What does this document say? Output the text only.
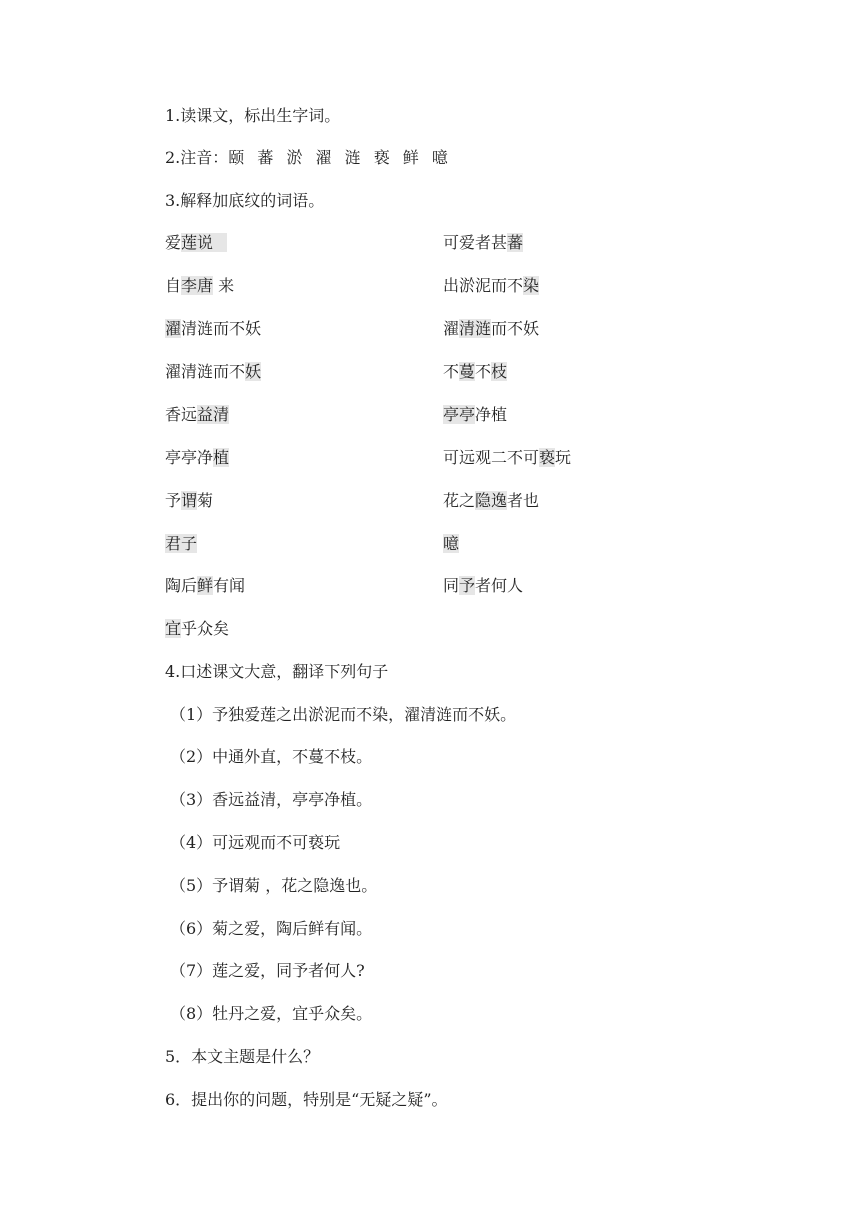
1.读课文，标出生字词。
2.注音：颐 蕃 淤 濯 涟 亵 鲜 噫
3.解释加底纹的词语。
爱莲说	可爱者甚蕃
自李唐 来	出淤泥而不染
濯清涟而不妖	濯清涟而不妖
濯清涟而不妖	不蔓不枝
香远益清	亭亭净植
亭亭净植	可远观二不可亵玩
予谓菊	花之隐逸者也
君子	噫
陶后鲜有闻	同予者何人
宜乎众矣
4.口述课文大意，翻译下列句子
（1）予独爱莲之出淤泥而不染，濯清涟而不妖。
（2）中通外直，不蔓不枝。
（3）香远益清，亭亭净植。
（4）可远观而不可亵玩
（5）予谓菊 ，花之隐逸也。
（6）菊之爱，陶后鲜有闻。
（7）莲之爱，同予者何人?
（8）牡丹之爱，宜乎众矣。
5．本文主题是什么？
6．提出你的问题，特别是“无疑之疑”。
